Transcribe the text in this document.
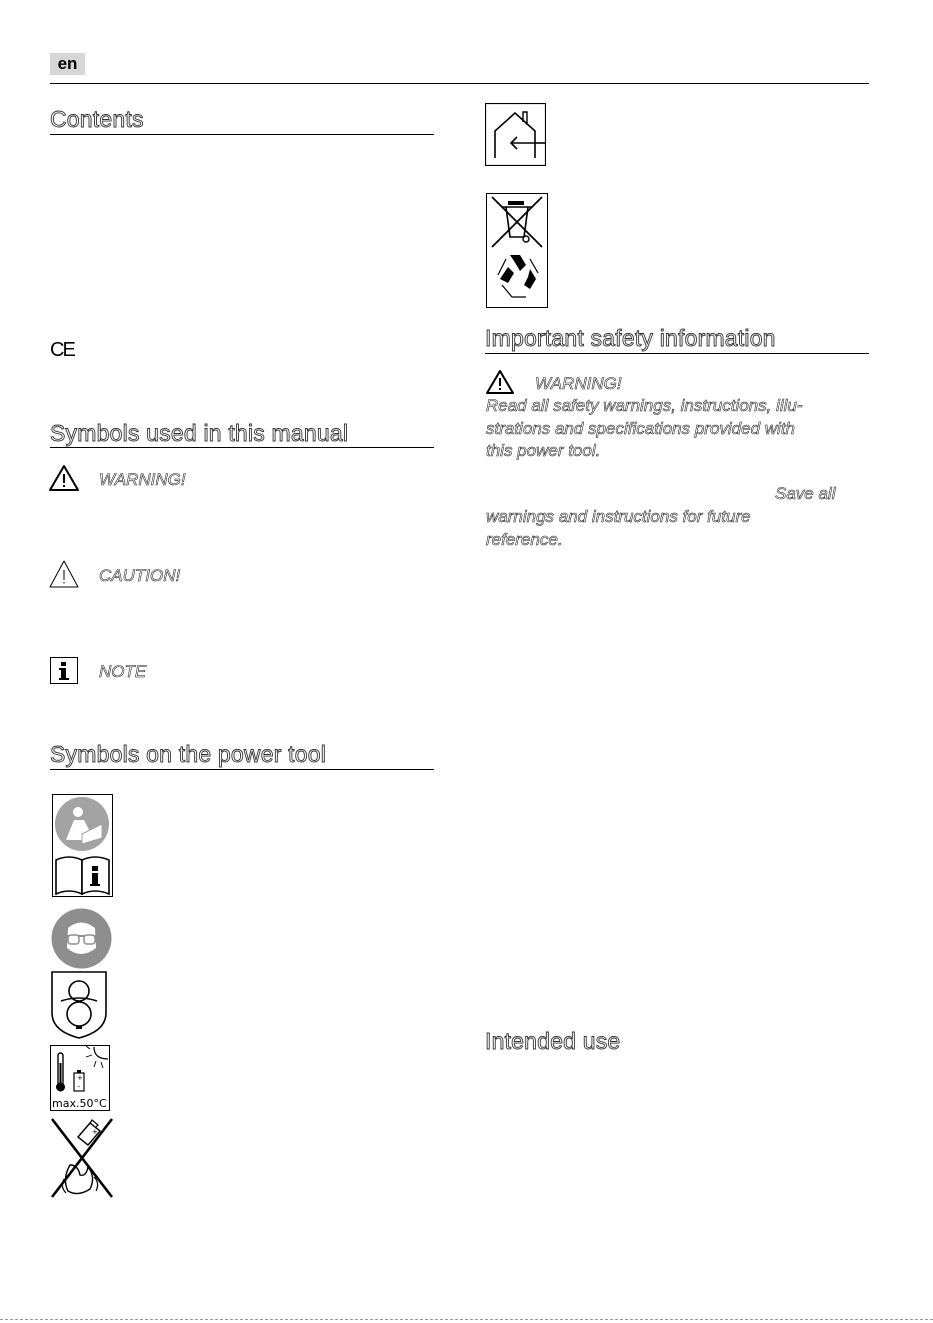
en
Contents
CE
Symbols used in this manual
WARNING!
CAUTION!
NOTE
Symbols on the power tool
+
-
max.50°C
+
Important safety information
WARNING!
Read all safety warnings, instructions, illu-
strations and specifications provided with
this power tool.
Save all
warnings and instructions for future
reference.
Intended use
